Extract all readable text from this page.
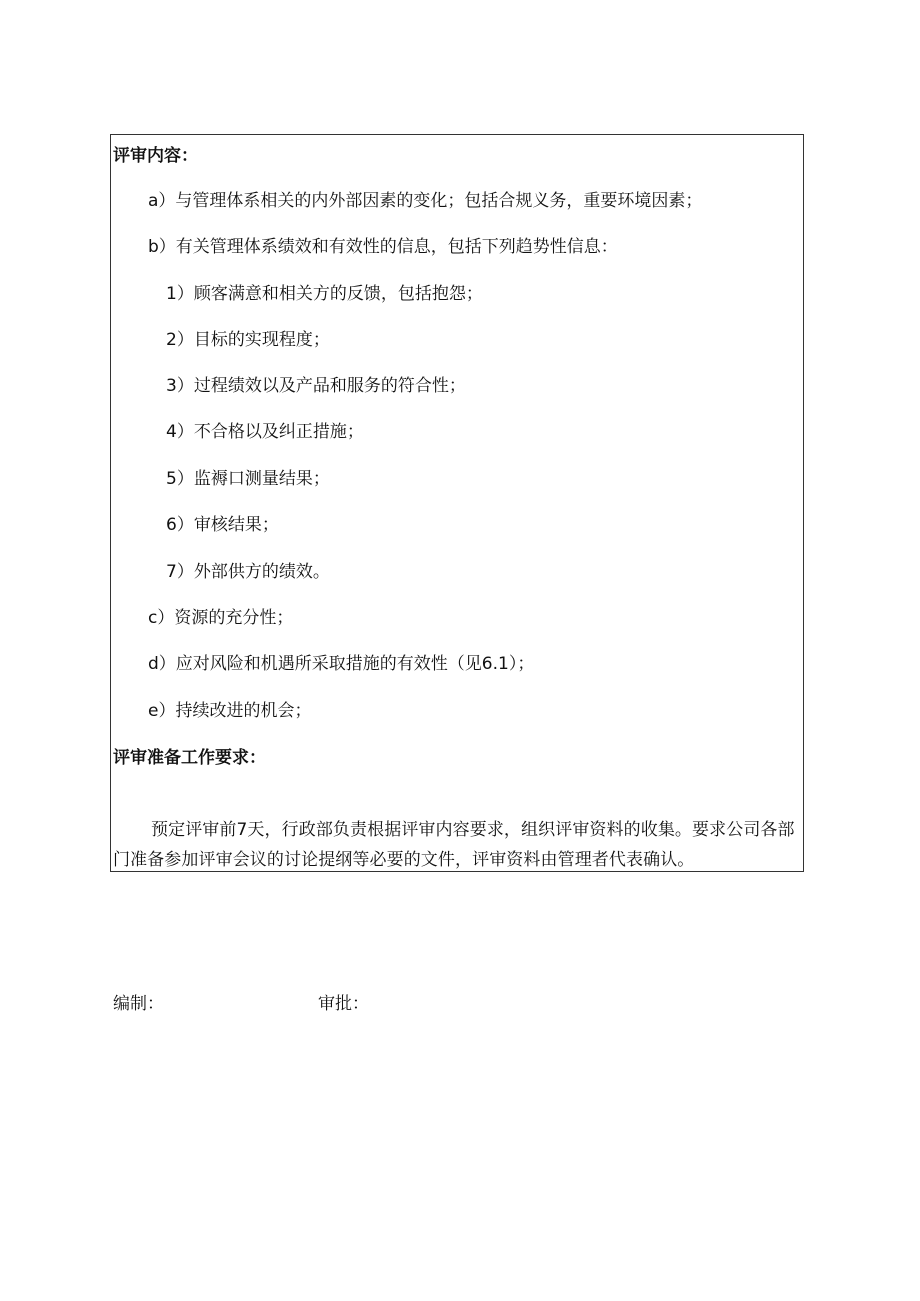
评审内容：
a）与管理体系相关的内外部因素的变化；包括合规义务，重要环境因素；
b）有关管理体系绩效和有效性的信息，包括下列趋势性信息：
1）顾客满意和相关方的反馈，包括抱怨；
2）目标的实现程度；
3）过程绩效以及产品和服务的符合性；
4）不合格以及纠正措施；
5）监褥口测量结果；
6）审核结果；
7）外部供方的绩效。
c）资源的充分性；
d）应对风险和机遇所采取措施的有效性（见6.1）；
e）持续改进的机会；
评审准备工作要求：
预定评审前7天，行政部负责根据评审内容要求，组织评审资料的收集。要求公司各部门准备参加评审会议的讨论提纲等必要的文件，评审资料由管理者代表确认。
编制：	审批：
